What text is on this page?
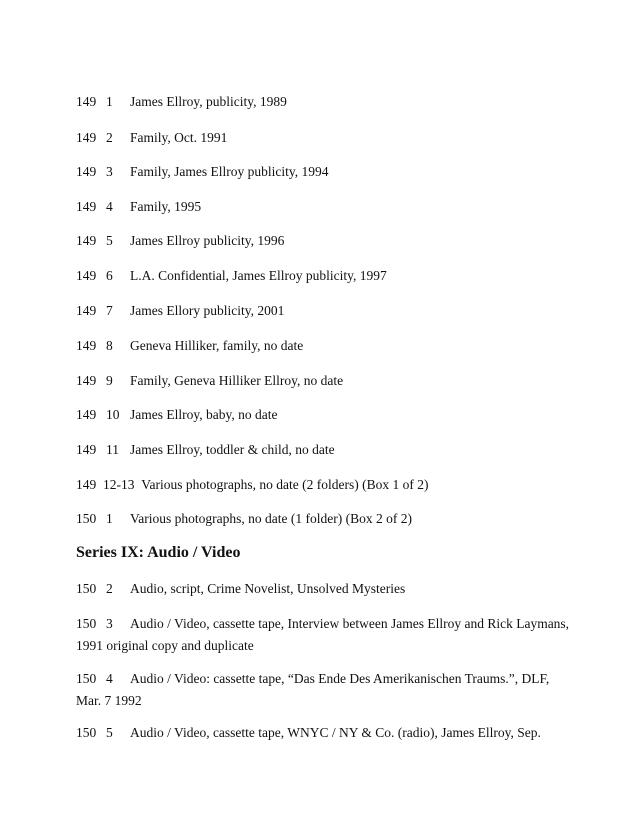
149 1 James Ellroy, publicity, 1989
149 2 Family, Oct. 1991
149 3 Family, James Ellroy publicity, 1994
149 4 Family, 1995
149 5 James Ellroy publicity, 1996
149 6 L.A. Confidential, James Ellroy publicity, 1997
149 7 James Ellory publicity, 2001
149 8 Geneva Hilliker, family, no date
149 9 Family, Geneva Hilliker Ellroy, no date
149 10 James Ellroy, baby, no date
149 11 James Ellroy, toddler & child, no date
149 12-13 Various photographs, no date (2 folders) (Box 1 of 2)
150 1 Various photographs, no date (1 folder) (Box 2 of 2)
Series IX: Audio / Video
150 2 Audio, script, Crime Novelist, Unsolved Mysteries
150 3 Audio / Video, cassette tape, Interview between James Ellroy and Rick Laymans, 1991 original copy and duplicate
150 4 Audio / Video: cassette tape, “Das Ende Des Amerikanischen Traums.”, DLF, Mar. 7 1992
150 5 Audio / Video, cassette tape, WNYC / NY & Co. (radio), James Ellroy, Sep.
